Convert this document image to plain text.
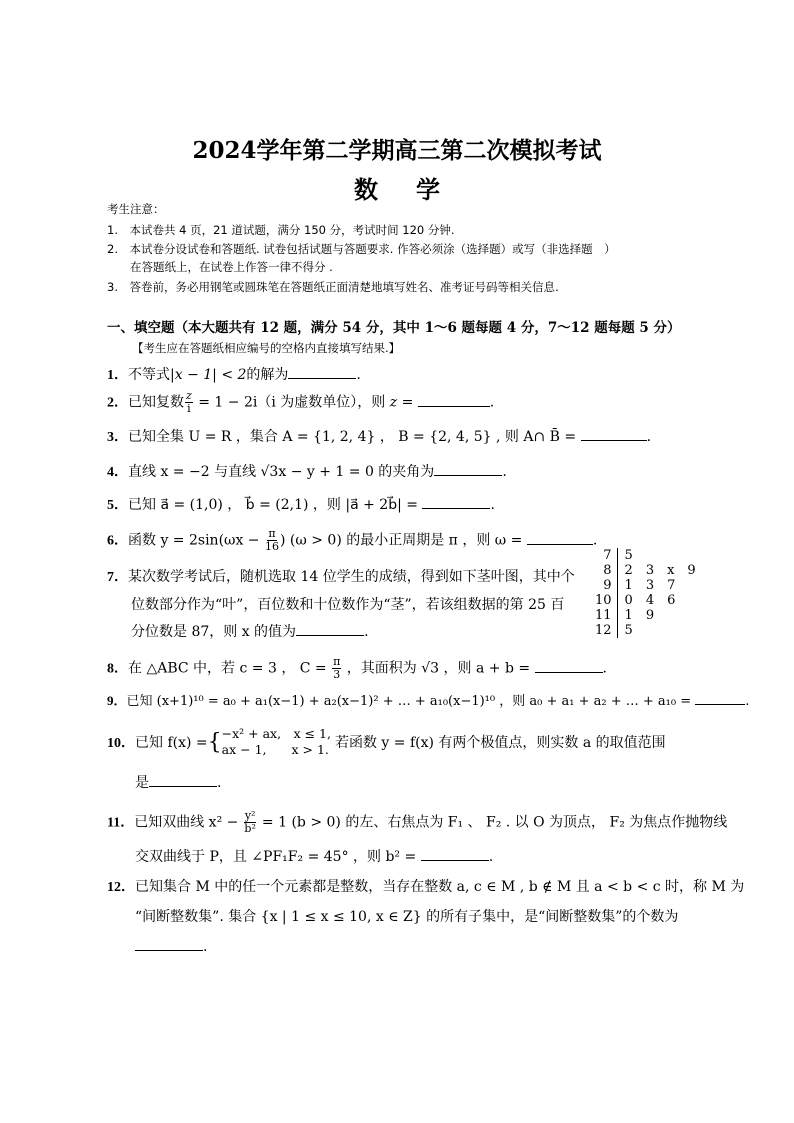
2024学年第二学期高三第二次模拟考试
数学
考生注意：
1.　本试卷共 4 页，21 道试题，满分 150 分，考试时间 120 分钟.
2.　本试卷分设试卷和答题纸. 试卷包括试题与答题要求. 作答必须涂（选择题）或写（非选择题　）
在答题纸上，在试卷上作答一律不得分 .
3.　答卷前，务必用钢笔或圆珠笔在答题纸正面清楚地填写姓名、准考证号码等相关信息.
一、填空题（本大题共有 12 题，满分 54 分，其中 1～6 题每题 4 分，7～12 题每题 5 分）
【考生应在答题纸相应编号的空格内直接填写结果.】
1．不等式|x − 1| < 2的解为	.
2．已知复数 $\frac{z}{i} = 1 - 2i(i$ 为虚数单位），则 z =	.
3．已知全集 U = R ，集合 A = {1, 2, 4} ， B = {2, 4, 5} , 则 A∩ B̄ =	.
4．直线 x = −2 与直线 √3x − y + 1 = 0 的夹角为	.
5．已知 a⃗ = (1,0) ， b⃗ = (2,1) ，则 |a⃗ + 2b⃗| =	.
6．函数 $y = 2\sin(\omega x - \frac{\pi}{16}$ ) (ω > 0) 的最小正周期是 π ，则 ω =	.
7．某次数学考试后，随机选取 14 位学生的成绩，得到如下茎叶图，其中个
位数部分作为“叶”，百位数和十位数作为“茎”，若该组数据的第 25 百
分位数是 87，则 x 的值为	.
7	5
8	2　3　x　9
9	1　3　7
10	0　4　6
11	1　9
12	5
8．在 △ABC 中，若 c = 3 ， $C = \frac{\pi}{3}$ ，其面积为 √3 ，则 a + b =	.
9．已知 (x+1)¹⁰ = a₀ + a₁(x−1) + a₂(x−1)² + … + a₁₀(x−1)¹⁰ ，则 a₀ + a₁ + a₂ + … + a₁₀ =	.
10． 已知 f(x) = { −x² + ax,　x ≤ 1,
ax − 1,　　x > 1. 若函数 y = f(x) 有两个极值点，则实数 a 的取值范围
是	.
11．已知双曲线 $x^2 - \frac{\text{y²}}{\text{b²}} = 1$ (b > 0) 的左、右焦点为 F₁ 、 F₂ . 以 O 为顶点， F₂ 为焦点作抛物线
交双曲线于 P，且 ∠PF₁F₂ = 45° ，则 b² =	.
12．已知集合 M 中的任一个元素都是整数，当存在整数 a, c ∈ M , b ∉ M 且 a < b < c 时，称 M 为
“间断整数集”. 集合 {x | 1 ≤ x ≤ 10, x ∈ Z} 的所有子集中，是“间断整数集”的个数为
.
